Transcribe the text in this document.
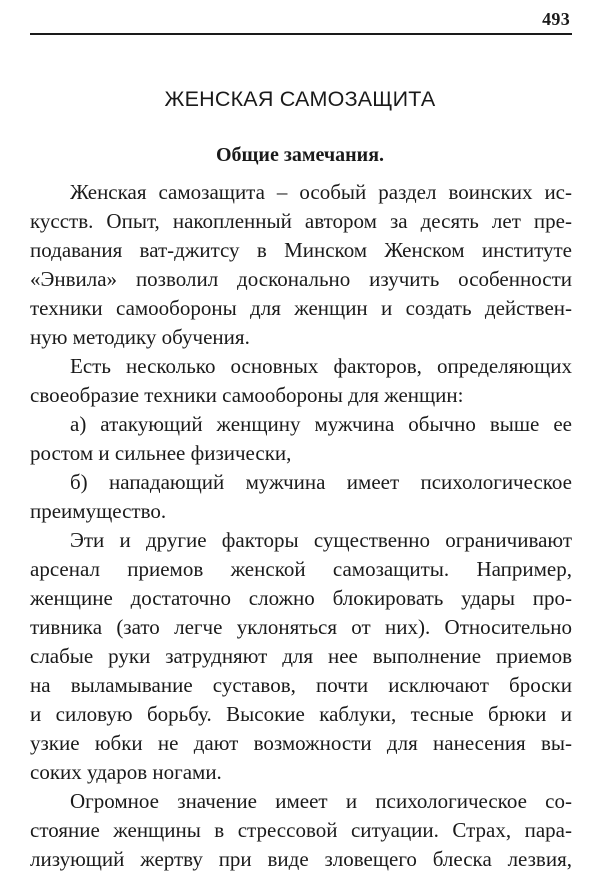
493
ЖЕНСКАЯ САМОЗАЩИТА
Общие замечания.
Женская самозащита – особый раздел воинских ис-
кусств. Опыт, накопленный автором за десять лет пре-
подавания ват-джитсу в Минском Женском институте
«Энвила» позволил досконально изучить особенности
техники самообороны для женщин и создать действен-
ную методику обучения.
Есть несколько основных факторов, определяющих
своеобразие техники самообороны для женщин:
а) атакующий женщину мужчина обычно выше ее
ростом и сильнее физически,
б) нападающий мужчина имеет психологическое
преимущество.
Эти и другие факторы существенно ограничивают
арсенал приемов женской самозащиты. Например,
женщине достаточно сложно блокировать удары про-
тивника (зато легче уклоняться от них). Относительно
слабые руки затрудняют для нее выполнение приемов
на выламывание суставов, почти исключают броски
и силовую борьбу. Высокие каблуки, тесные брюки и
узкие юбки не дают возможности для нанесения вы-
соких ударов ногами.
Огромное значение имеет и психологическое со-
стояние женщины в стрессовой ситуации. Страх, пара-
лизующий жертву при виде зловещего блеска лезвия,
